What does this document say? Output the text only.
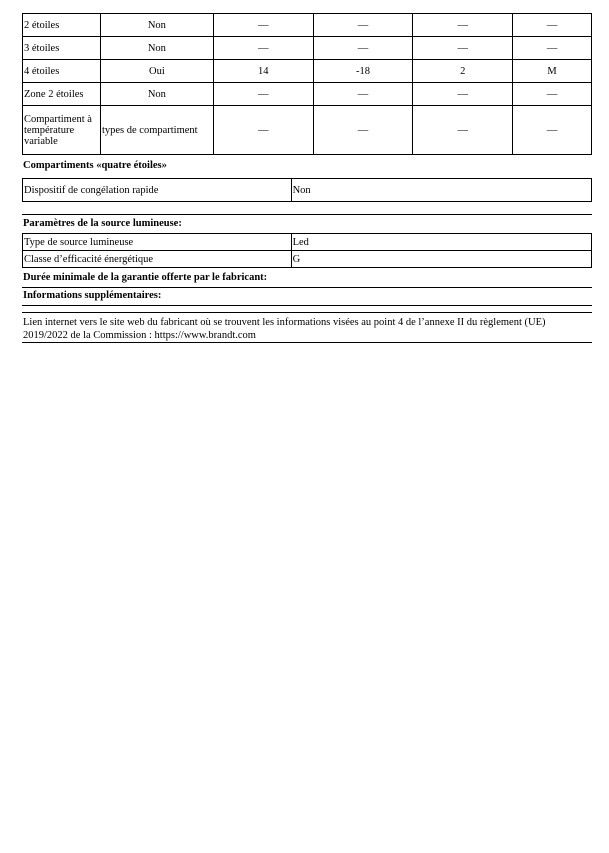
2 étoiles	Non	—	—	—	—
3 étoiles	Non	—	—	—	—
4 étoiles	Oui	14	-18	2	M
Zone 2 étoiles	Non	—	—	—	—
Compartiment à température variable	types de compartiment	—	—	—	—
Compartiments «quatre étoiles»
Dispositif de congélation rapide	Non
Paramètres de la source lumineuse:
Type de source lumineuse	Led
Classe d’efficacité énergétique	G
Durée minimale de la garantie offerte par le fabricant:
Informations supplémentaires:
Lien internet vers le site web du fabricant où se trouvent les informations visées au point 4 de l’annexe II du règlement (UE) 2019/2022 de la Commission : https://www.brandt.com
